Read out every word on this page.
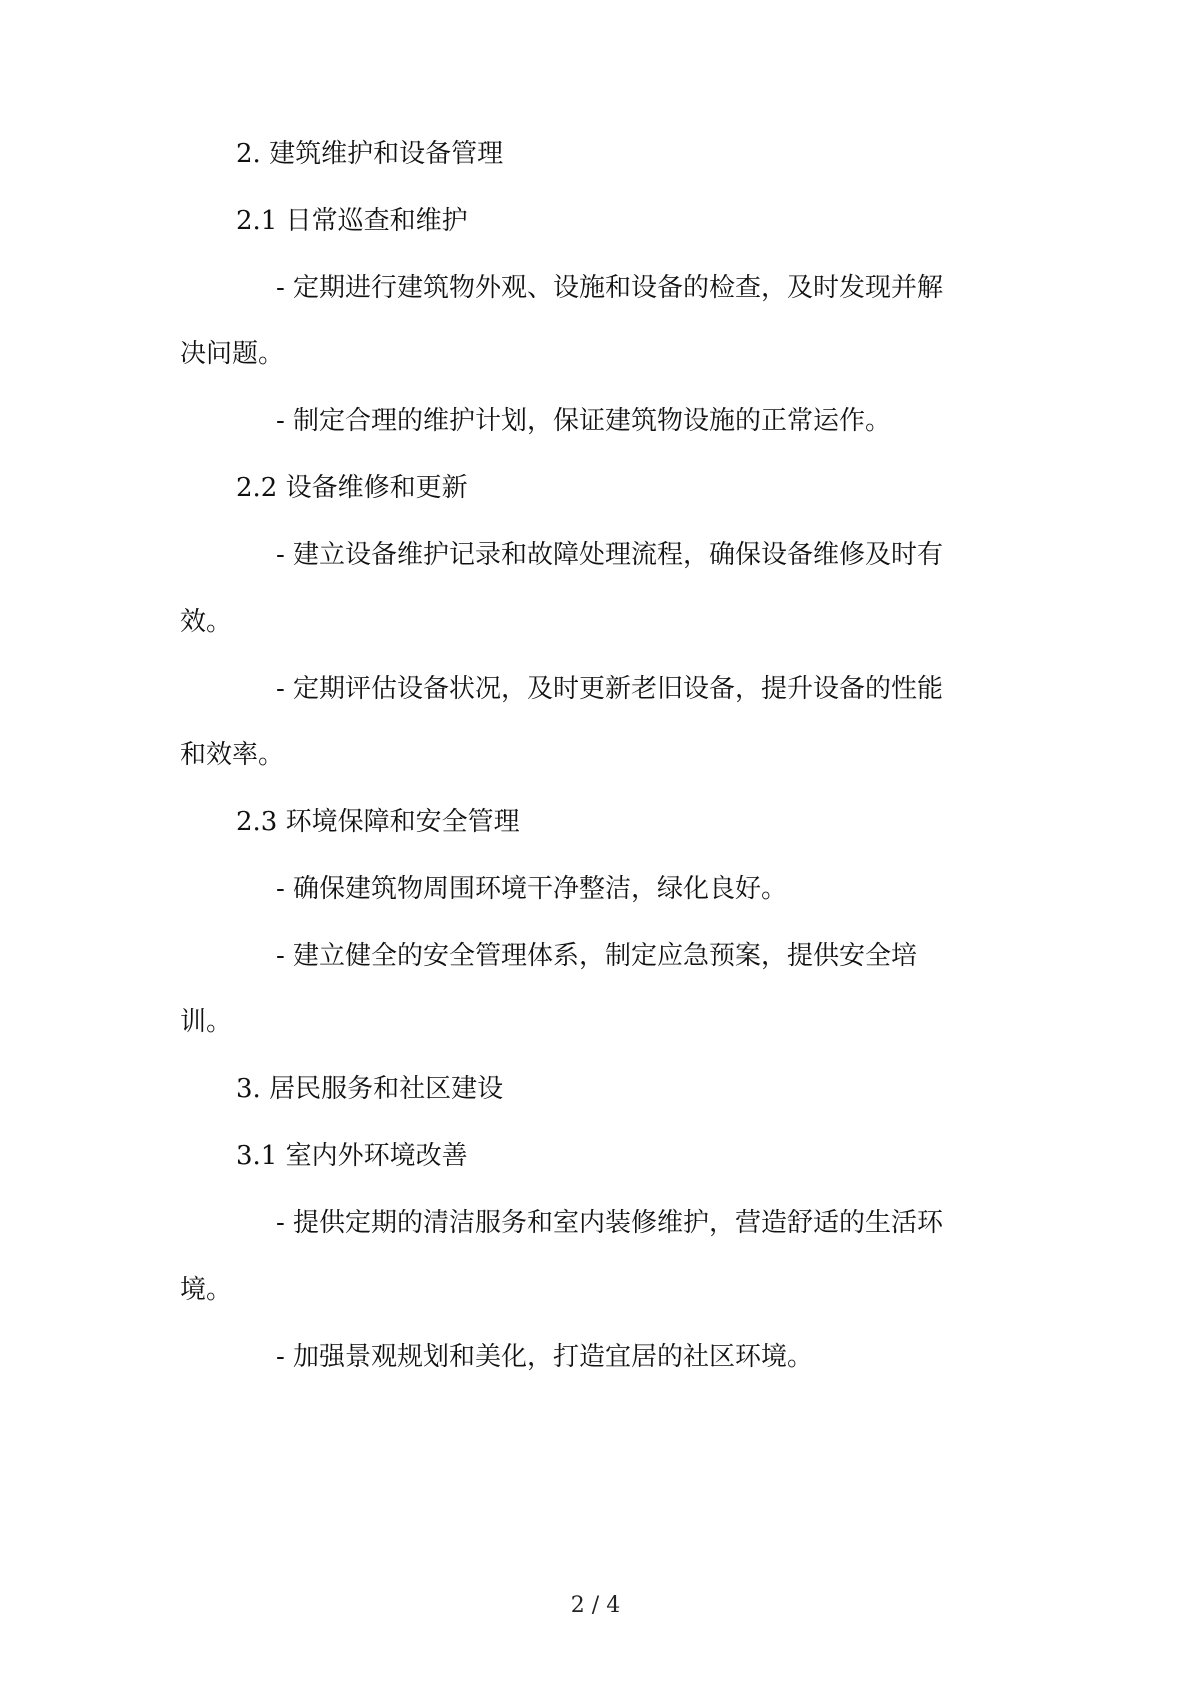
2. 建筑维护和设备管理
2.1 日常巡查和维护
- 定期进行建筑物外观、设施和设备的检查，及时发现并解
决问题。
- 制定合理的维护计划，保证建筑物设施的正常运作。
2.2 设备维修和更新
- 建立设备维护记录和故障处理流程，确保设备维修及时有
效。
- 定期评估设备状况，及时更新老旧设备，提升设备的性能
和效率。
2.3 环境保障和安全管理
- 确保建筑物周围环境干净整洁，绿化良好。
- 建立健全的安全管理体系，制定应急预案，提供安全培
训。
3. 居民服务和社区建设
3.1 室内外环境改善
- 提供定期的清洁服务和室内装修维护，营造舒适的生活环
境。
- 加强景观规划和美化，打造宜居的社区环境。
2 / 4
